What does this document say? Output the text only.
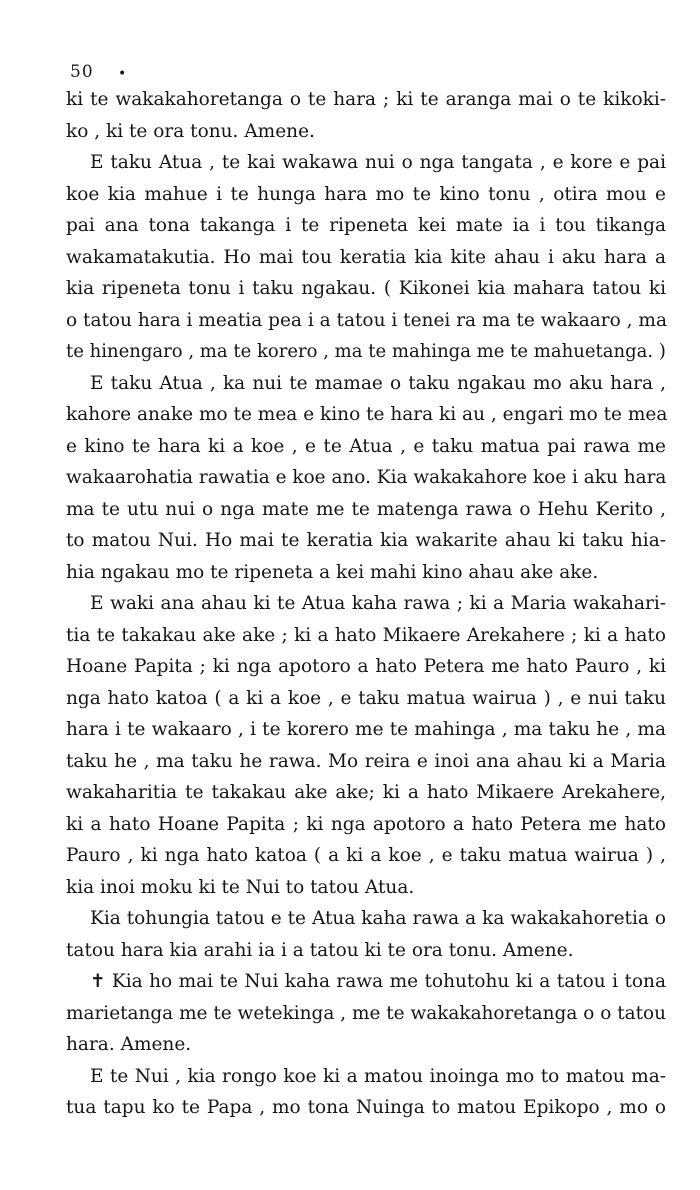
50 •
ki te wakakahoretanga o te hara ; ki te aranga mai o te kikoki-
ko , ki te ora tonu. Amene.
E taku Atua , te kai wakawa nui o nga tangata , e kore e pai
koe kia mahue i te hunga hara mo te kino tonu , otira mou e
pai ana tona takanga i te ripeneta kei mate ia i tou tikanga
wakamatakutia. Ho mai tou keratia kia kite ahau i aku hara a
kia ripeneta tonu i taku ngakau. ( Kikonei kia mahara tatou ki
o tatou hara i meatia pea i a tatou i tenei ra ma te wakaaro , ma
te hinengaro , ma te korero , ma te mahinga me te mahuetanga. )
E taku Atua , ka nui te mamae o taku ngakau mo aku hara ,
kahore anake mo te mea e kino te hara ki au , engari mo te mea
e kino te hara ki a koe , e te Atua , e taku matua pai rawa me
wakaarohatia rawatia e koe ano. Kia wakakahore koe i aku hara
ma te utu nui o nga mate me te matenga rawa o Hehu Kerito ,
to matou Nui. Ho mai te keratia kia wakarite ahau ki taku hia-
hia ngakau mo te ripeneta a kei mahi kino ahau ake ake.
E waki ana ahau ki te Atua kaha rawa ; ki a Maria wakahari-
tia te takakau ake ake ; ki a hato Mikaere Arekahere ; ki a hato
Hoane Papita ; ki nga apotoro a hato Petera me hato Pauro , ki
nga hato katoa ( a ki a koe , e taku matua wairua ) , e nui taku
hara i te wakaaro , i te korero me te mahinga , ma taku he , ma
taku he , ma taku he rawa. Mo reira e inoi ana ahau ki a Maria
wakaharitia te takakau ake ake; ki a hato Mikaere Arekahere,
ki a hato Hoane Papita ; ki nga apotoro a hato Petera me hato
Pauro , ki nga hato katoa ( a ki a koe , e taku matua wairua ) ,
kia inoi moku ki te Nui to tatou Atua.
Kia tohungia tatou e te Atua kaha rawa a ka wakakahoretia o
tatou hara kia arahi ia i a tatou ki te ora tonu. Amene.
✝ Kia ho mai te Nui kaha rawa me tohutohu ki a tatou i tona
marietanga me te wetekinga , me te wakakahoretanga o o tatou
hara. Amene.
E te Nui , kia rongo koe ki a matou inoinga mo to matou ma-
tua tapu ko te Papa , mo tona Nuinga to matou Epikopo , mo o
